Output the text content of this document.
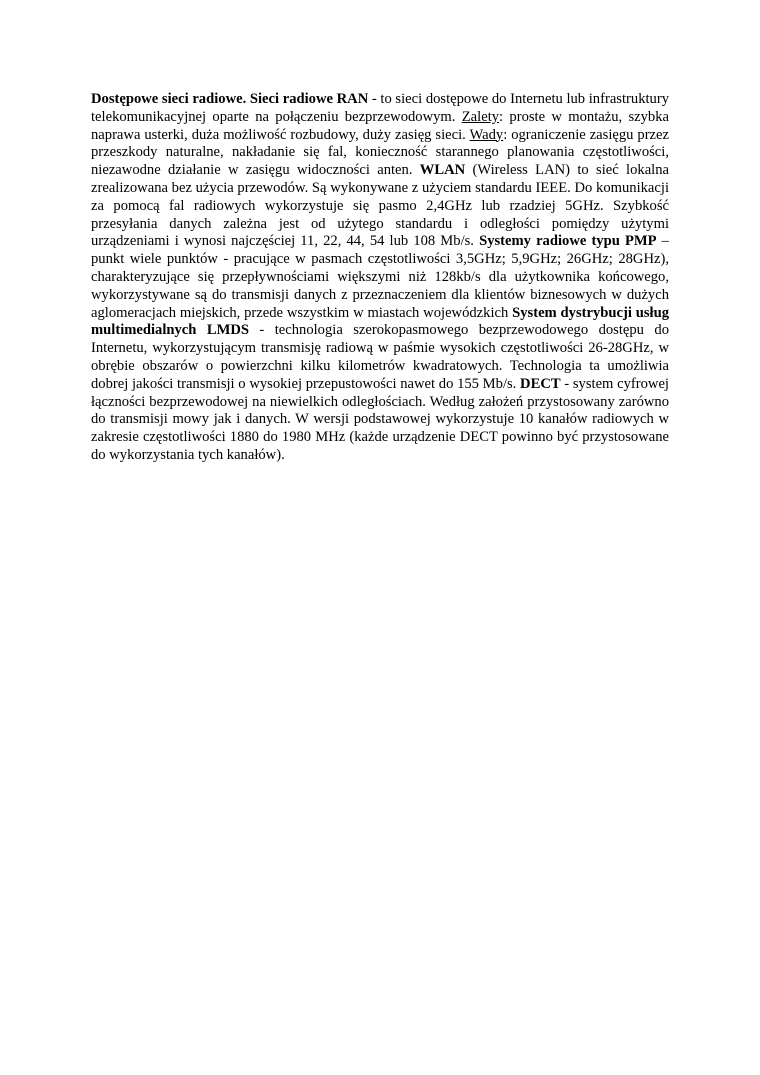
Dostępowe sieci radiowe. Sieci radiowe RAN - to sieci dostępowe do Internetu lub infrastruktury telekomunikacyjnej oparte na połączeniu bezprzewodowym. Zalety: proste w montażu, szybka naprawa usterki, duża możliwość rozbudowy, duży zasięg sieci. Wady: ograniczenie zasięgu przez przeszkody naturalne, nakładanie się fal, konieczność starannego planowania częstotliwości, niezawodne działanie w zasięgu widoczności anten. WLAN (Wireless LAN) to sieć lokalna zrealizowana bez użycia przewodów. Są wykonywane z użyciem standardu IEEE. Do komunikacji za pomocą fal radiowych wykorzystuje się pasmo 2,4GHz lub rzadziej 5GHz. Szybkość przesyłania danych zależna jest od użytego standardu i odległości pomiędzy użytymi urządzeniami i wynosi najczęściej 11, 22, 44, 54 lub 108 Mb/s. Systemy radiowe typu PMP – punkt wiele punktów - pracujące w pasmach częstotliwości 3,5GHz; 5,9GHz; 26GHz; 28GHz), charakteryzujące się przepływnościami większymi niż 128kb/s dla użytkownika końcowego, wykorzystywane są do transmisji danych z przeznaczeniem dla klientów biznesowych w dużych aglomeracjach miejskich, przede wszystkim w miastach wojewódzkich System dystrybucji usług multimedialnych LMDS - technologia szerokopasmowego bezprzewodowego dostępu do Internetu, wykorzystującym transmisję radiową w paśmie wysokich częstotliwości 26-28GHz, w obrębie obszarów o powierzchni kilku kilometrów kwadratowych. Technologia ta umożliwia dobrej jakości transmisji o wysokiej przepustowości nawet do 155 Mb/s. DECT - system cyfrowej łączności bezprzewodowej na niewielkich odległościach. Według założeń przystosowany zarówno do transmisji mowy jak i danych. W wersji podstawowej wykorzystuje 10 kanałów radiowych w zakresie częstotliwości 1880 do 1980 MHz (każde urządzenie DECT powinno być przystosowane do wykorzystania tych kanałów).
